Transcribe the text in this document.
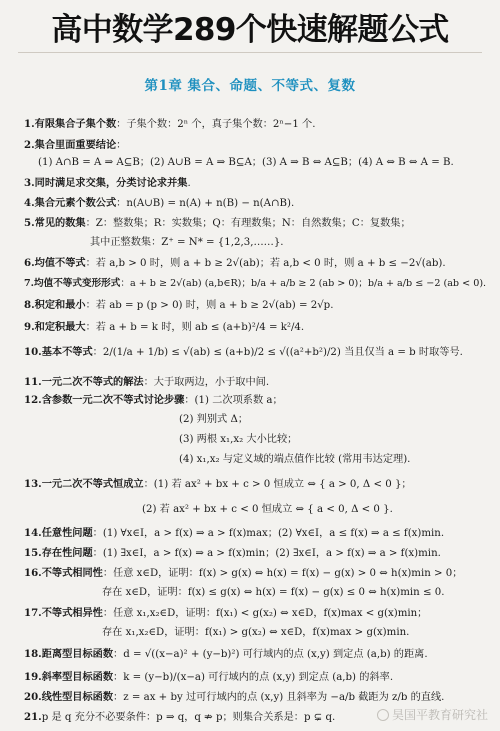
高中数学289个快速解题公式
第1章 集合、命题、不等式、复数
1.有限集合子集个数：子集个数：2ⁿ 个，真子集个数：2ⁿ−1 个.
2.集合里面重要结论：
(1) A∩B = A ⇒ A⊆B；(2) A∪B = A ⇒ B⊆A；(3) A ⇒ B ⇔ A⊆B；(4) A ⇔ B ⇔ A = B.
3.同时满足求交集，分类讨论求并集.
4.集合元素个数公式：n(A∪B) = n(A) + n(B) − n(A∩B).
5.常见的数集：Z：整数集；R：实数集；Q：有理数集；N：自然数集；C：复数集；
其中正整数集：Z⁺ = N* = {1,2,3,……}.
6.均值不等式：若 a,b > 0 时，则 a + b ≥ 2√(ab)；若 a,b < 0 时，则 a + b ≤ −2√(ab).
7.均值不等式变形形式：a + b ≥ 2√(ab) (a,b∈R)；b/a + a/b ≥ 2 (ab > 0)；b/a + a/b ≤ −2 (ab < 0).
8.积定和最小：若 ab = p (p > 0) 时，则 a + b ≥ 2√(ab) = 2√p.
9.和定积最大：若 a + b = k 时，则 ab ≤ (a+b)²/4 = k²/4.
10.基本不等式：2/(1/a + 1/b) ≤ √(ab) ≤ (a+b)/2 ≤ √((a²+b²)/2) 当且仅当 a = b 时取等号.
11.一元二次不等式的解法：大于取两边，小于取中间.
12.含参数一元二次不等式讨论步骤：(1) 二次项系数 a；
(2) 判别式 Δ；
(3) 两根 x₁,x₂ 大小比较；
(4) x₁,x₂ 与定义域的端点值作比较 (常用韦达定理).
13.一元二次不等式恒成立：(1) 若 ax² + bx + c > 0 恒成立 ⇔ { a > 0, Δ < 0 }；
(2) 若 ax² + bx + c < 0 恒成立 ⇔ { a < 0, Δ < 0 }.
14.任意性问题：(1) ∀x∈I，a > f(x) ⇒ a > f(x)max；(2) ∀x∈I，a ≤ f(x) ⇒ a ≤ f(x)min.
15.存在性问题：(1) ∃x∈I，a > f(x) ⇒ a > f(x)min；(2) ∃x∈I，a > f(x) ⇒ a > f(x)min.
16.不等式相同性：任意 x∈D，证明：f(x) > g(x) ⇔ h(x) = f(x) − g(x) > 0 ⇔ h(x)min > 0；
存在 x∈D，证明：f(x) ≤ g(x) ⇔ h(x) = f(x) − g(x) ≤ 0 ⇔ h(x)min ≤ 0.
17.不等式相异性：任意 x₁,x₂∈D，证明：f(x₁) < g(x₂) ⇔ x∈D，f(x)max < g(x)min；
存在 x₁,x₂∈D，证明：f(x₁) > g(x₂) ⇔ x∈D，f(x)max > g(x)min.
18.距离型目标函数：d = √((x−a)² + (y−b)²) 可行域内的点 (x,y) 到定点 (a,b) 的距离.
19.斜率型目标函数：k = (y−b)/(x−a) 可行域内的点 (x,y) 到定点 (a,b) 的斜率.
20.线性型目标函数：z = ax + by 过可行域内的点 (x,y) 且斜率为 −a/b 截距为 z/b 的直线.
21.p 是 q 充分不必要条件：p ⇒ q，q ⇏ p；则集合关系是：p ⊊ q.	昊国平教育研究社
